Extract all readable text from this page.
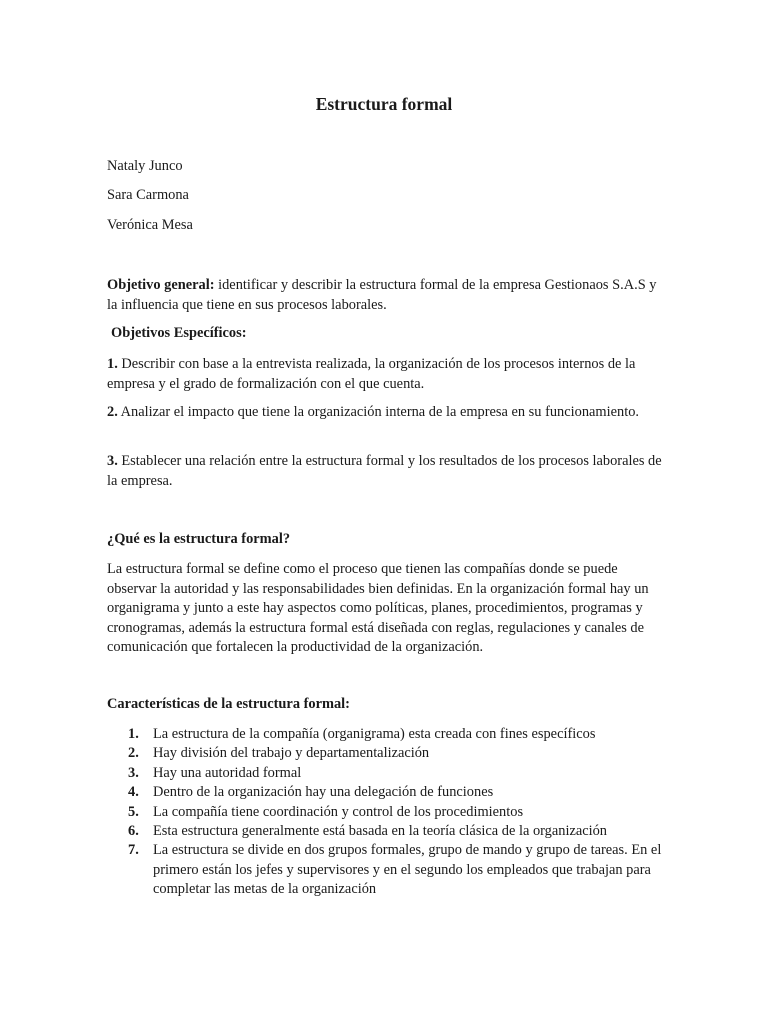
Estructura formal
Nataly Junco
Sara Carmona
Verónica Mesa
Objetivo general: identificar y describir la estructura formal de la empresa Gestionaos S.A.S y la influencia que tiene en sus procesos laborales.
Objetivos Específicos:
1. Describir con base a la entrevista realizada, la organización de los procesos internos de la empresa y el grado de formalización con el que cuenta.
2. Analizar el impacto que tiene la organización interna de la empresa en su funcionamiento.
3. Establecer una relación entre la estructura formal y los resultados de los procesos laborales de la empresa.
¿Qué es la estructura formal?
La estructura formal se define como el proceso que tienen las compañías donde se puede observar la autoridad y las responsabilidades bien definidas. En la organización formal hay un organigrama y junto a este hay aspectos como políticas, planes, procedimientos, programas y cronogramas, además la estructura formal está diseñada con reglas, regulaciones y canales de comunicación que fortalecen la productividad de la organización.
Características de la estructura formal:
1. La estructura de la compañía (organigrama) esta creada con fines específicos
2. Hay división del trabajo y departamentalización
3. Hay una autoridad formal
4. Dentro de la organización hay una delegación de funciones
5. La compañía tiene coordinación y control de los procedimientos
6. Esta estructura generalmente está basada en la teoría clásica de la organización
7. La estructura se divide en dos grupos formales, grupo de mando y grupo de tareas. En el primero están los jefes y supervisores y en el segundo los empleados que trabajan para completar las metas de la organización
